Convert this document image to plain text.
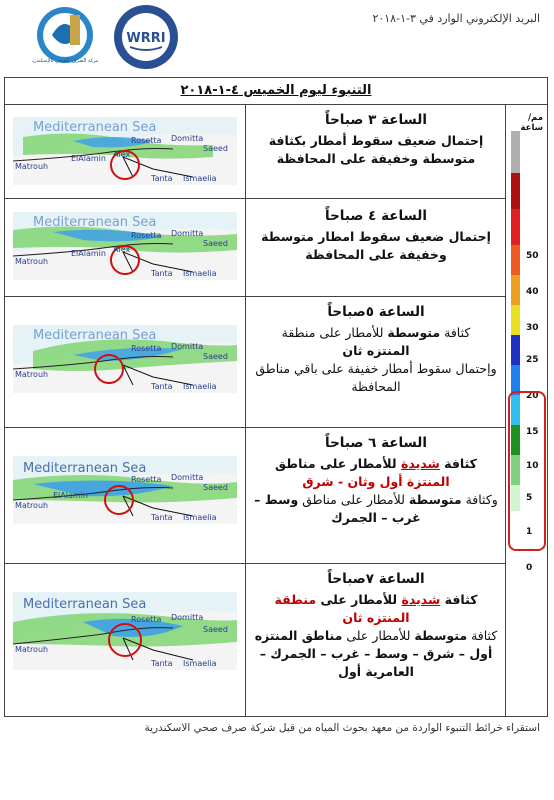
البريد الإلكتروني الوارد في ٣-١-٢٠١٨
شركة الصرف الصحي بالإسكندرية
WRRI
التنبوء ليوم الخميس ٤-١-٢٠١٨
Mediterranean Sea
Rosetta Domitta
Saeed
Alex
ElAlamin
Matrouh
Tanta Ismaelia
الساعة ٣ صباحاً
إحتمال ضعيف سقوط أمطار بكثافة متوسطة وخفيفة على المحافظة
Mediterranean Sea
Rosetta Domitta
Saeed
Alex
ElAlamin
Matrouh
Tanta Ismaelia
الساعة ٤ صباحاً
إحتمال ضعيف سقوط امطار متوسطة وخفيفة على المحافظة
Mediterranean Sea
Rosetta Domitta
Saeed
Matrouh
Tanta Ismaelia
الساعة ٥صباحاً
كثافة متوسطة للأمطار على منطقة
المنتزه ثان
وإحتمال سقوط أمطار خفيفة على باقي مناطق المحافظة
Mediterranean Sea
Rosetta Domitta
Saeed
ElAlamin
Matrouh
Tanta Ismaelia
الساعة ٦ صباحاً
كثافة شديدة للأمطار على مناطق المنتزة أول وثان - شرق
وكثافة متوسطة للأمطار على مناطق وسط – غرب – الجمرك
Mediterranean Sea
Rosetta Domitta
Saeed
Matrouh
Tanta Ismaelia
الساعة ٧صباحاً
كثافة شديدة للأمطار على منطقة المنتزه ثان
كثافة متوسطة للأمطار على مناطق المنتزه أول – شرق – وسط – غرب – الجمرك – العامرية أول
مم/ساعة
50
40
30
25
20
15
10
5
1
0
استقراء خرائط التنبوء الواردة من معهد بحوث المياه من قبل شركة صرف صحي الاسكندرية
